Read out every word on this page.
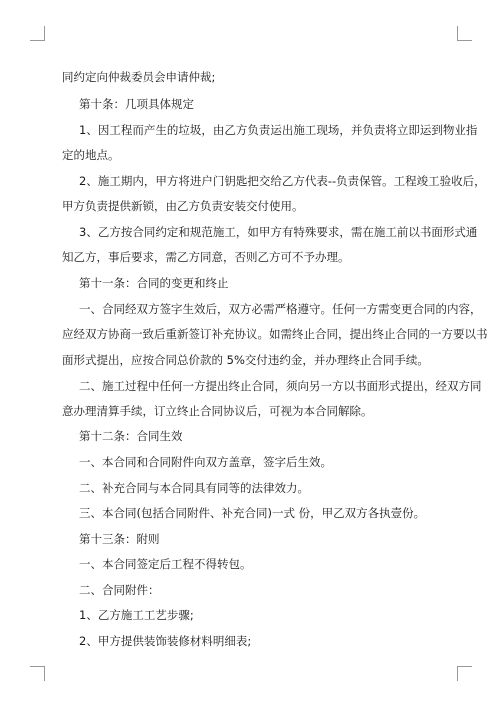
同约定向仲裁委员会申请仲裁;
第十条：几项具体规定
1、因工程而产生的垃圾，由乙方负责运出施工现场，并负责将立即运到物业指
定的地点。
2、施工期内，甲方将进户门钥匙把交给乙方代表--负责保管。工程竣工验收后，
甲方负责提供新锁，由乙方负责安装交付使用。
3、乙方按合同约定和规范施工，如甲方有特殊要求，需在施工前以书面形式通
知乙方，事后要求，需乙方同意，否则乙方可不予办理。
第十一条：合同的变更和终止
一、合同经双方签字生效后，双方必需严格遵守。任何一方需变更合同的内容，
应经双方协商一致后重新签订补充协议。如需终止合同，提出终止合同的一方要以书
面形式提出，应按合同总价款的 5%交付违约金，并办理终止合同手续。
二、施工过程中任何一方提出终止合同，须向另一方以书面形式提出，经双方同
意办理清算手续，订立终止合同协议后，可视为本合同解除。
第十二条：合同生效
一、本合同和合同附件向双方盖章，签字后生效。
二、补充合同与本合同具有同等的法律效力。
三、本合同(包括合同附件、补充合同)一式 份，甲乙双方各执壹份。
第十三条：附则
一、本合同签定后工程不得转包。
二、合同附件：
1、乙方施工工艺步骤;
2、甲方提供装饰装修材料明细表;
